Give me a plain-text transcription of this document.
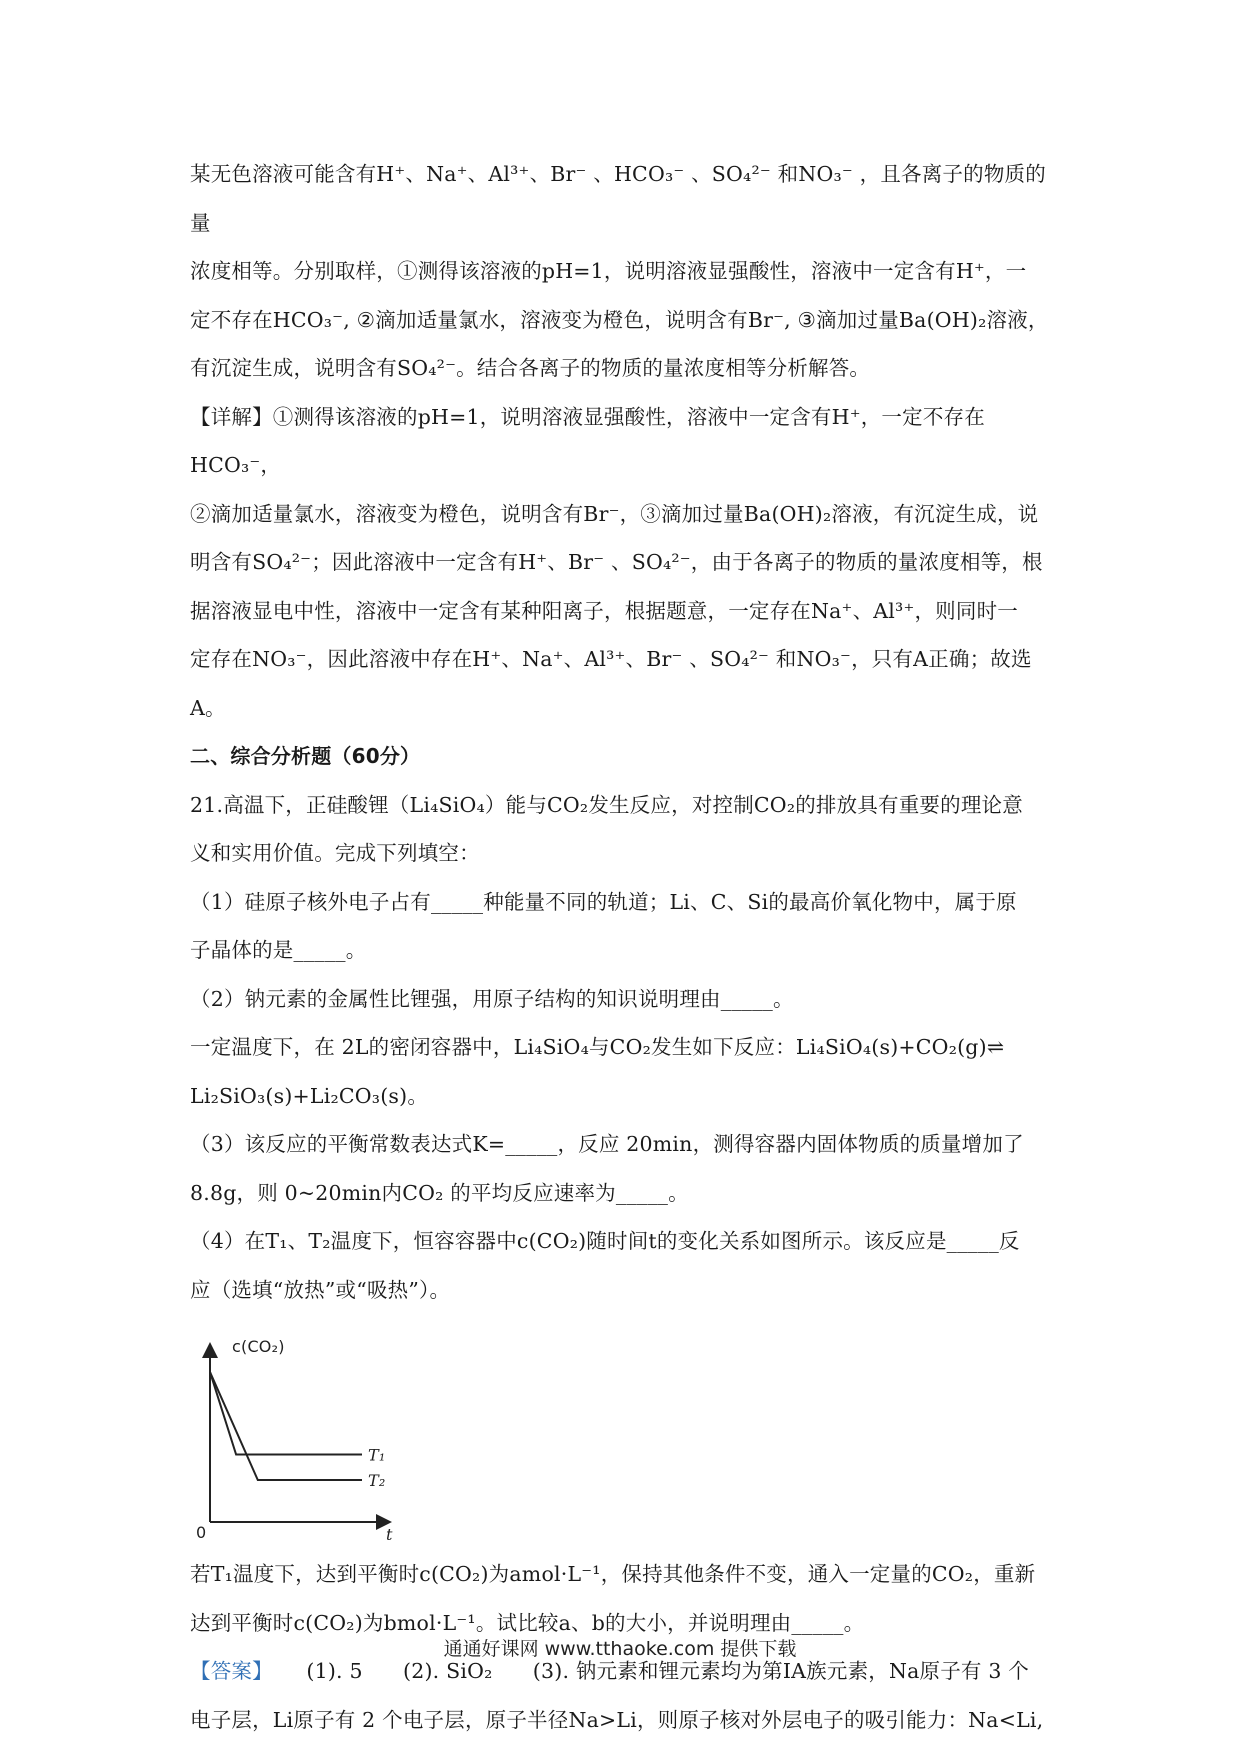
某无色溶液可能含有H⁺、Na⁺、Al³⁺、Br⁻ 、HCO₃⁻ 、SO₄²⁻ 和NO₃⁻ ，且各离子的物质的量

浓度相等。分别取样，①测得该溶液的pH=1，说明溶液显强酸性，溶液中一定含有H⁺，一

定不存在HCO₃⁻, ②滴加适量氯水，溶液变为橙色，说明含有Br⁻, ③滴加过量Ba(OH)₂溶液，

有沉淀生成，说明含有SO₄²⁻。结合各离子的物质的量浓度相等分析解答。

【详解】①测得该溶液的pH=1，说明溶液显强酸性，溶液中一定含有H⁺，一定不存在HCO₃⁻，

②滴加适量氯水，溶液变为橙色，说明含有Br⁻，③滴加过量Ba(OH)₂溶液，有沉淀生成，说

明含有SO₄²⁻；因此溶液中一定含有H⁺、Br⁻ 、SO₄²⁻，由于各离子的物质的量浓度相等，根

据溶液显电中性，溶液中一定含有某种阳离子，根据题意，一定存在Na⁺、Al³⁺，则同时一

定存在NO₃⁻，因此溶液中存在H⁺、Na⁺、Al³⁺、Br⁻ 、SO₄²⁻ 和NO₃⁻，只有A正确；故选A。

二、综合分析题（60分）

21.高温下，正硅酸锂（Li₄SiO₄）能与CO₂发生反应，对控制CO₂的排放具有重要的理论意

义和实用价值。完成下列填空：

（1）硅原子核外电子占有_____种能量不同的轨道；Li、C、Si的最高价氧化物中，属于原

子晶体的是_____。

（2）钠元素的金属性比锂强，用原子结构的知识说明理由_____。

一定温度下，在 2L的密闭容器中，Li₄SiO₄与CO₂发生如下反应：Li₄SiO₄(s)+CO₂(g)⇌

Li₂SiO₃(s)+Li₂CO₃(s)。

（3）该反应的平衡常数表达式K=_____，反应 20min，测得容器内固体物质的质量增加了

8.8g，则 0~20min内CO₂ 的平均反应速率为_____。

（4）在T₁、T₂温度下，恒容容器中c(CO₂)随时间t的变化关系如图所示。该反应是_____反

应（选填“放热”或“吸热”）。

c(CO₂)
t
0
T₁
T₂

若T₁温度下，达到平衡时c(CO₂)为amol·L⁻¹，保持其他条件不变，通入一定量的CO₂，重新

达到平衡时c(CO₂)为bmol·L⁻¹。试比较a、b的大小，并说明理由_____。

【答案】     (1). 5      (2). SiO₂      (3). 钠元素和锂元素均为第ⅠA族元素，Na原子有 3 个

电子层，Li原子有 2 个电子层，原子半径Na>Li，则原子核对外层电子的吸引能力：Na<Li,

通通好课网 www.tthaoke.com 提供下载
